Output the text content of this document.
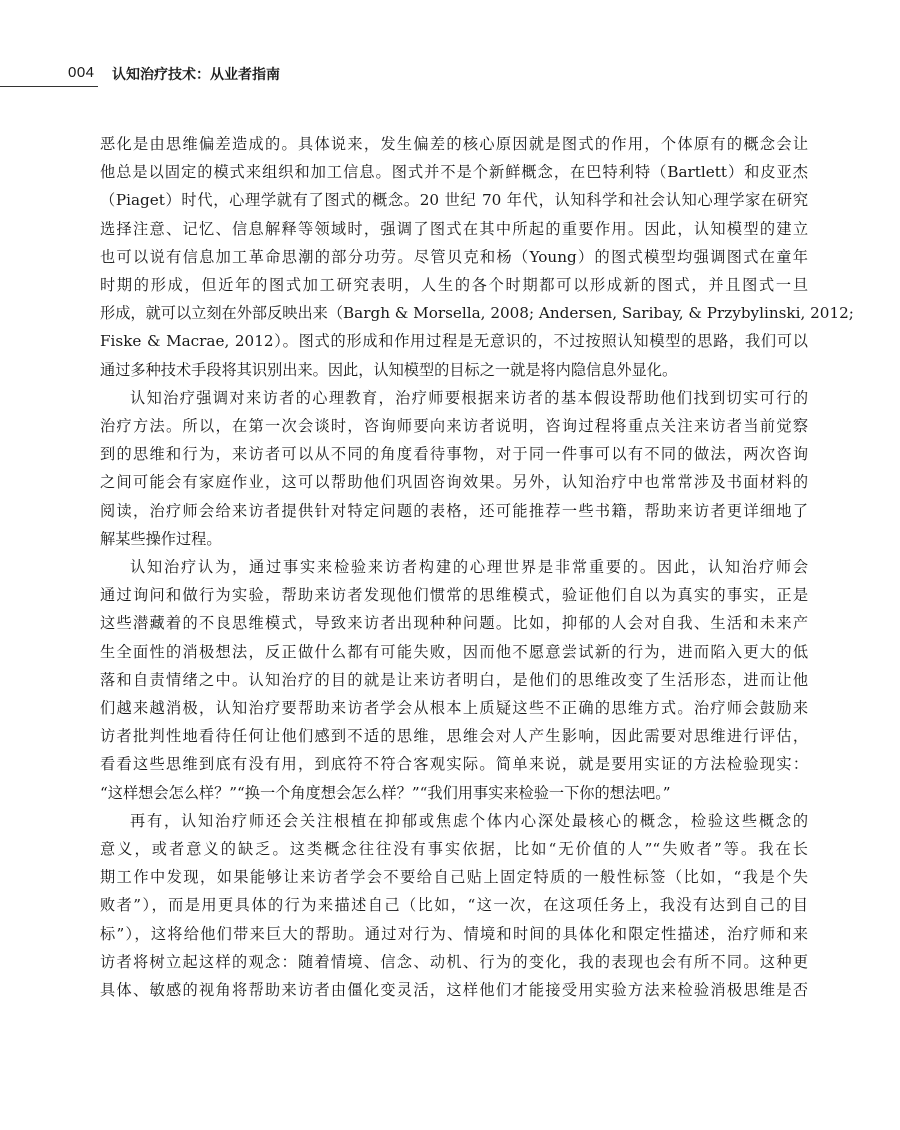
004 认知治疗技术：从业者指南

恶化是由思维偏差造成的。具体说来，发生偏差的核心原因就是图式的作用，个体原有的概念会让
他总是以固定的模式来组织和加工信息。图式并不是个新鲜概念，在巴特利特（Bartlett）和皮亚杰
（Piaget）时代，心理学就有了图式的概念。20 世纪 70 年代，认知科学和社会认知心理学家在研究
选择注意、记忆、信息解释等领域时，强调了图式在其中所起的重要作用。因此，认知模型的建立
也可以说有信息加工革命思潮的部分功劳。尽管贝克和杨（Young）的图式模型均强调图式在童年
时期的形成，但近年的图式加工研究表明，人生的各个时期都可以形成新的图式，并且图式一旦
形成，就可以立刻在外部反映出来（Bargh & Morsella, 2008; Andersen, Saribay, & Przybylinski, 2012;
Fiske & Macrae, 2012）。图式的形成和作用过程是无意识的，不过按照认知模型的思路，我们可以
通过多种技术手段将其识别出来。因此，认知模型的目标之一就是将内隐信息外显化。

认知治疗强调对来访者的心理教育，治疗师要根据来访者的基本假设帮助他们找到切实可行的
治疗方法。所以，在第一次会谈时，咨询师要向来访者说明，咨询过程将重点关注来访者当前觉察
到的思维和行为，来访者可以从不同的角度看待事物，对于同一件事可以有不同的做法，两次咨询
之间可能会有家庭作业，这可以帮助他们巩固咨询效果。另外，认知治疗中也常常涉及书面材料的
阅读，治疗师会给来访者提供针对特定问题的表格，还可能推荐一些书籍，帮助来访者更详细地了
解某些操作过程。

认知治疗认为，通过事实来检验来访者构建的心理世界是非常重要的。因此，认知治疗师会
通过询问和做行为实验，帮助来访者发现他们惯常的思维模式，验证他们自以为真实的事实，正是
这些潜藏着的不良思维模式，导致来访者出现种种问题。比如，抑郁的人会对自我、生活和未来产
生全面性的消极想法，反正做什么都有可能失败，因而他不愿意尝试新的行为，进而陷入更大的低
落和自责情绪之中。认知治疗的目的就是让来访者明白，是他们的思维改变了生活形态，进而让他
们越来越消极，认知治疗要帮助来访者学会从根本上质疑这些不正确的思维方式。治疗师会鼓励来
访者批判性地看待任何让他们感到不适的思维，思维会对人产生影响，因此需要对思维进行评估，
看看这些思维到底有没有用，到底符不符合客观实际。简单来说，就是要用实证的方法检验现实：
“这样想会怎么样？”“换一个角度想会怎么样？”“我们用事实来检验一下你的想法吧。”

再有，认知治疗师还会关注根植在抑郁或焦虑个体内心深处最核心的概念，检验这些概念的
意义，或者意义的缺乏。这类概念往往没有事实依据，比如“无价值的人”“失败者”等。我在长
期工作中发现，如果能够让来访者学会不要给自己贴上固定特质的一般性标签（比如，“我是个失
败者”），而是用更具体的行为来描述自己（比如，“这一次，在这项任务上，我没有达到自己的目
标”），这将给他们带来巨大的帮助。通过对行为、情境和时间的具体化和限定性描述，治疗师和来
访者将树立起这样的观念：随着情境、信念、动机、行为的变化，我的表现也会有所不同。这种更
具体、敏感的视角将帮助来访者由僵化变灵活，这样他们才能接受用实验方法来检验消极思维是否
